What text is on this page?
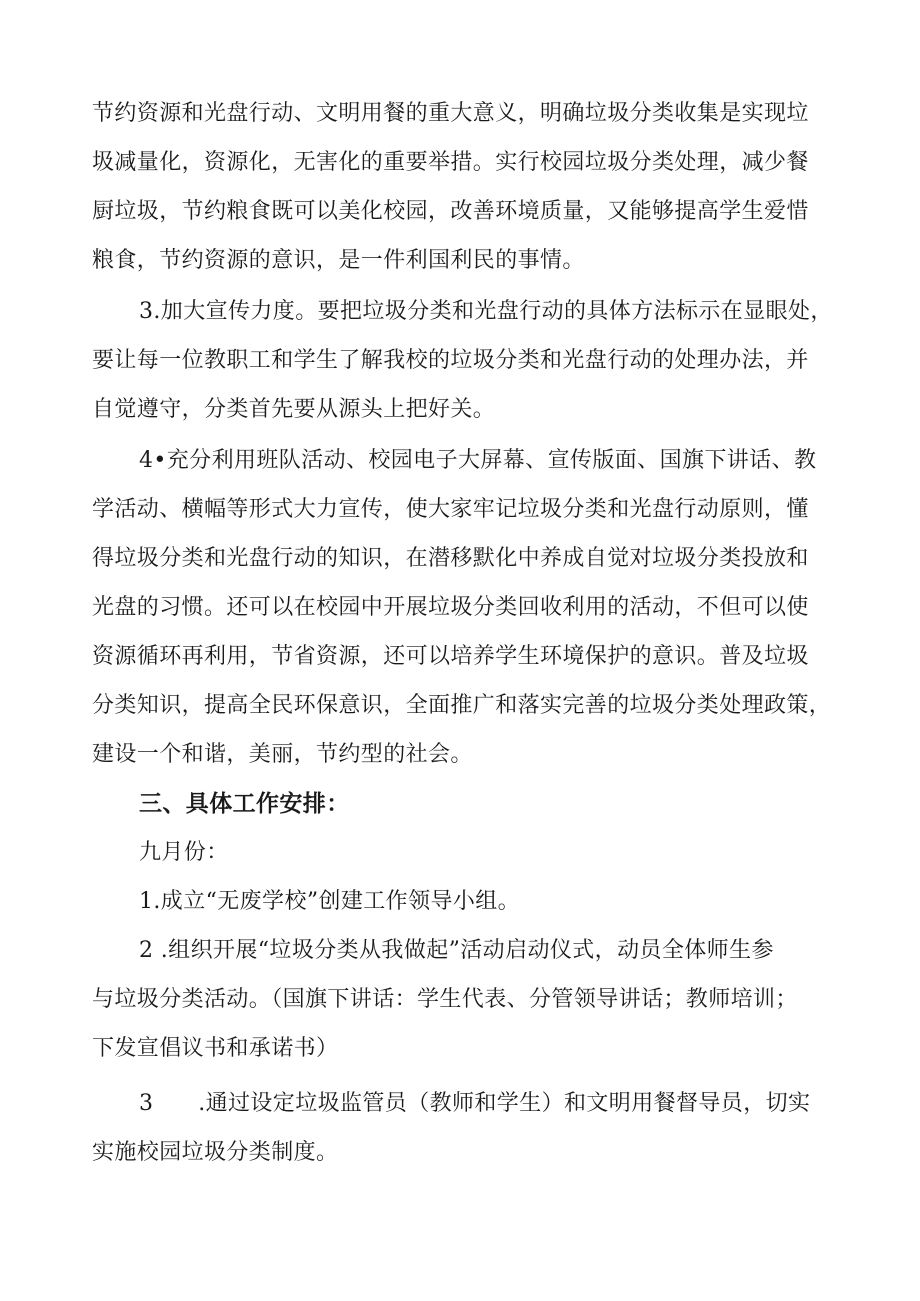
节约资源和光盘行动、文明用餐的重大意义，明确垃圾分类收集是实现垃
圾减量化，资源化，无害化的重要举措。实行校园垃圾分类处理，减少餐
厨垃圾，节约粮食既可以美化校园，改善环境质量，又能够提高学生爱惜
粮食，节约资源的意识，是一件利国利民的事情。
3.加大宣传力度。要把垃圾分类和光盘行动的具体方法标示在显眼处，
要让每一位教职工和学生了解我校的垃圾分类和光盘行动的处理办法，并
自觉遵守，分类首先要从源头上把好关。
4•充分利用班队活动、校园电子大屏幕、宣传版面、国旗下讲话、教
学活动、横幅等形式大力宣传，使大家牢记垃圾分类和光盘行动原则，懂
得垃圾分类和光盘行动的知识，在潜移默化中养成自觉对垃圾分类投放和
光盘的习惯。还可以在校园中开展垃圾分类回收利用的活动，不但可以使
资源循环再利用，节省资源，还可以培养学生环境保护的意识。普及垃圾
分类知识，提高全民环保意识，全面推广和落实完善的垃圾分类处理政策，
建设一个和谐，美丽，节约型的社会。
三、具体工作安排：
九月份：
1.成立“无废学校”创建工作领导小组。
2 .组织开展“垃圾分类从我做起”活动启动仪式，动员全体师生参
与垃圾分类活动。（国旗下讲话：学生代表、分管领导讲话；教师培训；
下发宣倡议书和承诺书）
3　　.通过设定垃圾监管员（教师和学生）和文明用餐督导员，切实
实施校园垃圾分类制度。
